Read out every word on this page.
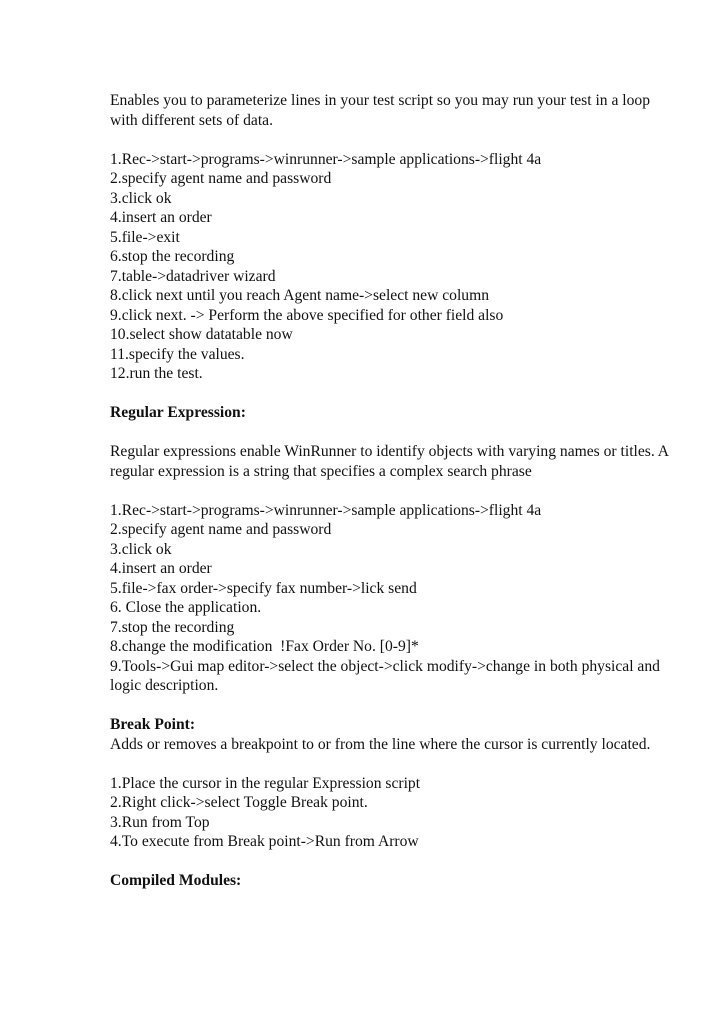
Enables you to parameterize lines in your test script so you may run your test in a loop with different sets of data.

1.Rec->start->programs->winrunner->sample applications->flight 4a
2.specify agent name and password
3.click ok
4.insert an order
5.file->exit
6.stop the recording
7.table->datadriver wizard
8.click next until you reach Agent name->select new column
9.click next. -> Perform the above specified for other field also
10.select show datatable now
11.specify the values.
12.run the test.

Regular Expression:

Regular expressions enable WinRunner to identify objects with varying names or titles. A regular expression is a string that specifies a complex search phrase

1.Rec->start->programs->winrunner->sample applications->flight 4a
2.specify agent name and password
3.click ok
4.insert an order
5.file->fax order->specify fax number->lick send
6. Close the application.
7.stop the recording
8.change the modification  !Fax Order No. [0-9]*
9.Tools->Gui map editor->select the object->click modify->change in both physical and logic description.

Break Point:

Adds or removes a breakpoint to or from the line where the cursor is currently located.

1.Place the cursor in the regular Expression script
2.Right click->select Toggle Break point.
3.Run from Top
4.To execute from Break point->Run from Arrow

Compiled Modules:
